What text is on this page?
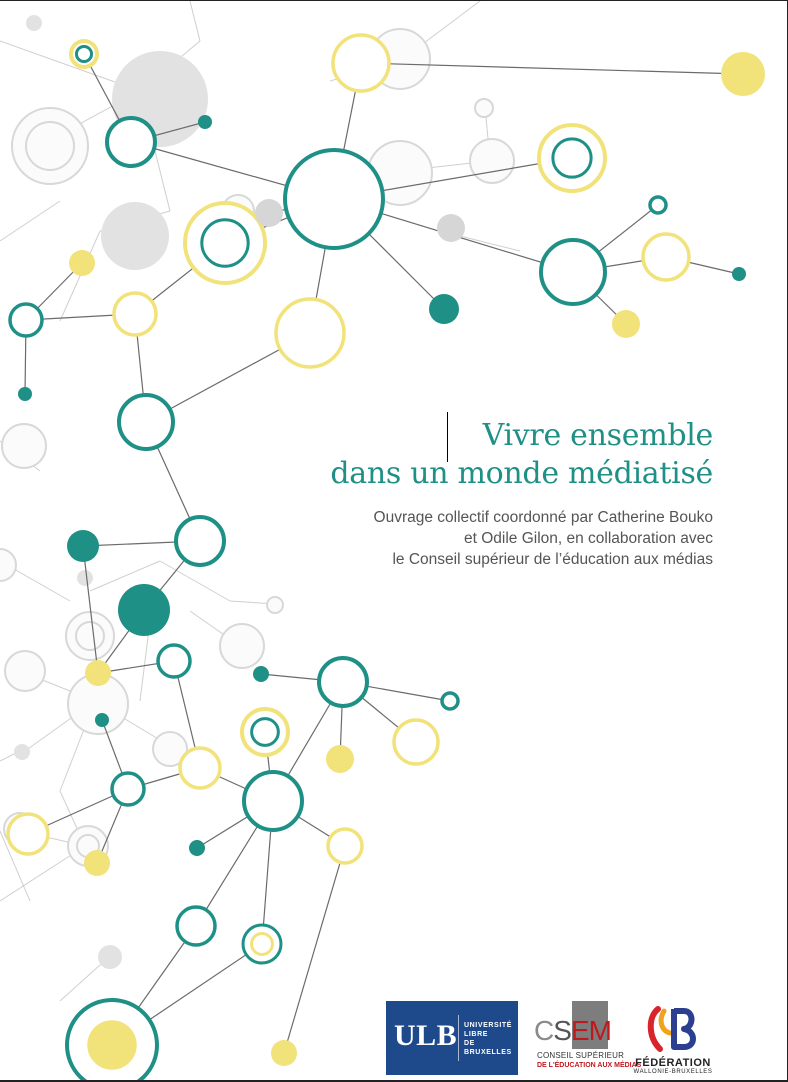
Vivre ensemble
dans un monde médiatisé
Ouvrage collectif coordonné par Catherine Bouko
et Odile Gilon, en collaboration avec
le Conseil supérieur de l’éducation aux médias
ULB UNIVERSITÉ
LIBRE
DE BRUXELLES
CSEM
CONSEIL SUPÉRIEUR
DE L'ÉDUCATION AUX MÉDIAS
FÉDÉRATION
WALLONIE-BRUXELLES
